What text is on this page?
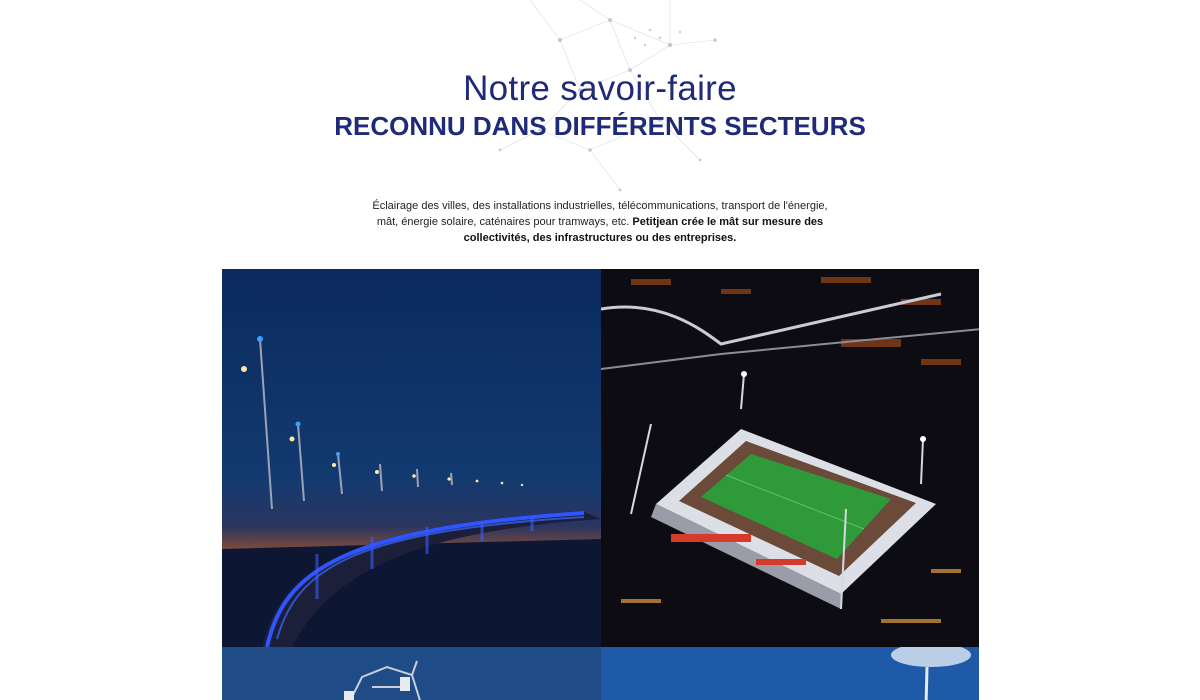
Notre savoir-faire
RECONNU DANS DIFFÉRENTS SECTEURS

Éclairage des villes, des installations industrielles, télécommunications, transport de l'énergie, mât, énergie solaire, caténaires pour tramways, etc. Petitjean crée le mât sur mesure des collectivités, des infrastructures ou des entreprises.
